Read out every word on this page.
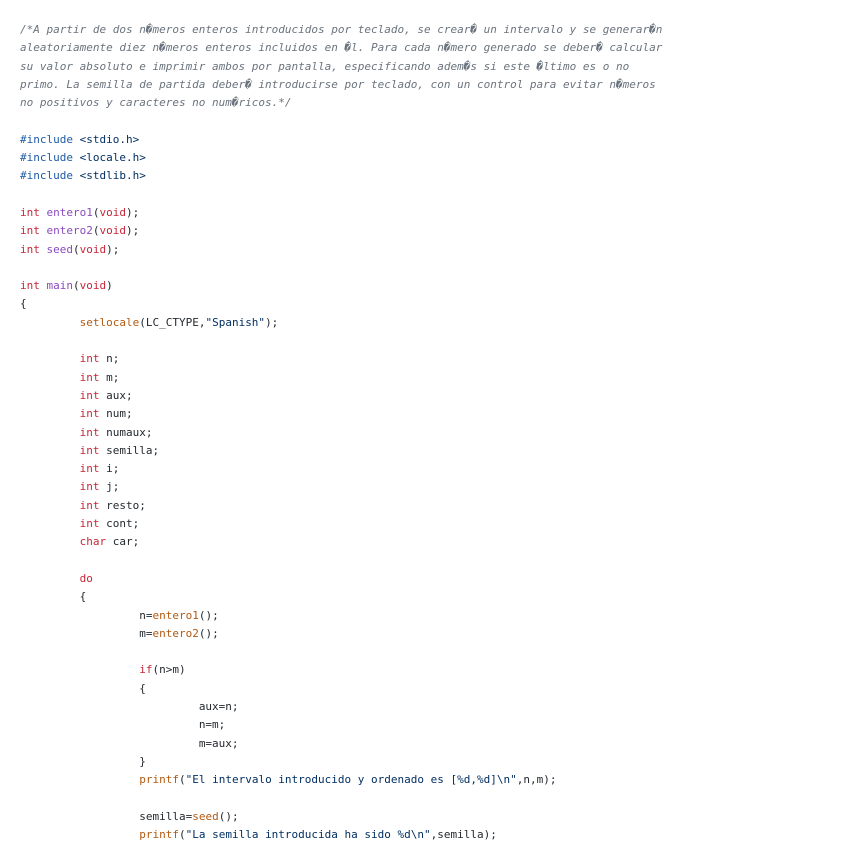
/*A partir de dos n�meros enteros introducidos por teclado, se crear� un intervalo y se generar�n
aleatoriamente diez n�meros enteros incluidos en �l. Para cada n�mero generado se deber� calcular
su valor absoluto e imprimir ambos por pantalla, especificando adem�s si este �ltimo es o no
primo. La semilla de partida deber� introducirse por teclado, con un control para evitar n�meros
no positivos y caracteres no num�ricos.*/

#include <stdio.h>
#include <locale.h>
#include <stdlib.h>

int entero1(void);
int entero2(void);
int seed(void);

int main(void)
{
setlocale(LC_CTYPE,"Spanish");

int n;
int m;
int aux;
int num;
int numaux;
int semilla;
int i;
int j;
int resto;
int cont;
char car;

do
{
n=entero1();
m=entero2();

if(n>m)
{
aux=n;
n=m;
m=aux;
}
printf("El intervalo introducido y ordenado es [%d,%d]\n",n,m);

semilla=seed();
printf("La semilla introducida ha sido %d\n",semilla);
